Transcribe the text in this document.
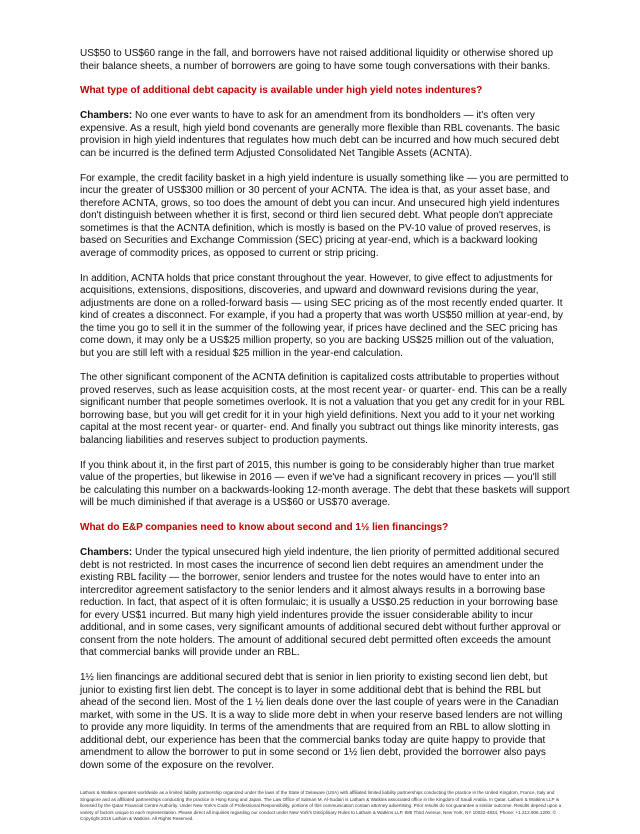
US$50 to US$60 range in the fall, and borrowers have not raised additional liquidity or otherwise shored up their balance sheets, a number of borrowers are going to have some tough conversations with their banks.

What type of additional debt capacity is available under high yield notes indentures?

Chambers: No one ever wants to have to ask for an amendment from its bondholders — it's often very expensive. As a result, high yield bond covenants are generally more flexible than RBL covenants. The basic provision in high yield indentures that regulates how much debt can be incurred and how much secured debt can be incurred is the defined term Adjusted Consolidated Net Tangible Assets (ACNTA).

For example, the credit facility basket in a high yield indenture is usually something like — you are permitted to incur the greater of US$300 million or 30 percent of your ACNTA. The idea is that, as your asset base, and therefore ACNTA, grows, so too does the amount of debt you can incur. And unsecured high yield indentures don't distinguish between whether it is first, second or third lien secured debt. What people don't appreciate sometimes is that the ACNTA definition, which is mostly is based on the PV-10 value of proved reserves, is based on Securities and Exchange Commission (SEC) pricing at year-end, which is a backward looking average of commodity prices, as opposed to current or strip pricing.

In addition, ACNTA holds that price constant throughout the year. However, to give effect to adjustments for acquisitions, extensions, dispositions, discoveries, and upward and downward revisions during the year, adjustments are done on a rolled-forward basis — using SEC pricing as of the most recently ended quarter. It kind of creates a disconnect. For example, if you had a property that was worth US$50 million at year-end, by the time you go to sell it in the summer of the following year, if prices have declined and the SEC pricing has come down, it may only be a US$25 million property, so you are backing US$25 million out of the valuation, but you are still left with a residual $25 million in the year-end calculation.

The other significant component of the ACNTA definition is capitalized costs attributable to properties without proved reserves, such as lease acquisition costs, at the most recent year- or quarter- end. This can be a really significant number that people sometimes overlook. It is not a valuation that you get any credit for in your RBL borrowing base, but you will get credit for it in your high yield definitions. Next you add to it your net working capital at the most recent year- or quarter- end. And finally you subtract out things like minority interests, gas balancing liabilities and reserves subject to production payments.

If you think about it, in the first part of 2015, this number is going to be considerably higher than true market value of the properties, but likewise in 2016 — even if we've had a significant recovery in prices — you'll still be calculating this number on a backwards-looking 12-month average. The debt that these baskets will support will be much diminished if that average is a US$60 or US$70 average.

What do E&P companies need to know about second and 1½ lien financings?

Chambers: Under the typical unsecured high yield indenture, the lien priority of permitted additional secured debt is not restricted. In most cases the incurrence of second lien debt requires an amendment under the existing RBL facility — the borrower, senior lenders and trustee for the notes would have to enter into an intercreditor agreement satisfactory to the senior lenders and it almost always results in a borrowing base reduction. In fact, that aspect of it is often formulaic; it is usually a US$0.25 reduction in your borrowing base for every US$1 incurred. But many high yield indentures provide the issuer considerable ability to incur additional, and in some cases, very significant amounts of additional secured debt without further approval or consent from the note holders. The amount of additional secured debt permitted often exceeds the amount that commercial banks will provide under an RBL.

1½ lien financings are additional secured debt that is senior in lien priority to existing second lien debt, but junior to existing first lien debt. The concept is to layer in some additional debt that is behind the RBL but ahead of the second lien. Most of the 1 ½ lien deals done over the last couple of years were in the Canadian market, with some in the US. It is a way to slide more debt in when your reserve based lenders are not willing to provide any more liquidity. In terms of the amendments that are required from an RBL to allow slotting in additional debt, our experience has been that the commercial banks today are quite happy to provide that amendment to allow the borrower to put in some second or 1½ lien debt, provided the borrower also pays down some of the exposure on the revolver.

Latham & Watkins operates worldwide as a limited liability partnership organized under the laws of the State of Delaware (USA) with affiliated limited liability partnerships conducting the practice in the United Kingdom, France, Italy and Singapore and as affiliated partnerships conducting the practice in Hong Kong and Japan. The Law Office of Salman M. Al-Sudairi is Latham & Watkins associated office in the Kingdom of Saudi Arabia. In Qatar, Latham & Watkins LLP is licensed by the Qatar Financial Centre Authority. Under New York's Code of Professional Responsibility, portions of this communication contain attorney advertising. Prior results do not guarantee a similar outcome. Results depend upon a variety of factors unique to each representation. Please direct all inquiries regarding our conduct under New York's Disciplinary Rules to Latham & Watkins LLP, 885 Third Avenue, New York, NY 10022-4834, Phone: +1.212.906.1200. © Copyright 2015 Latham & Watkins. All Rights Reserved.
